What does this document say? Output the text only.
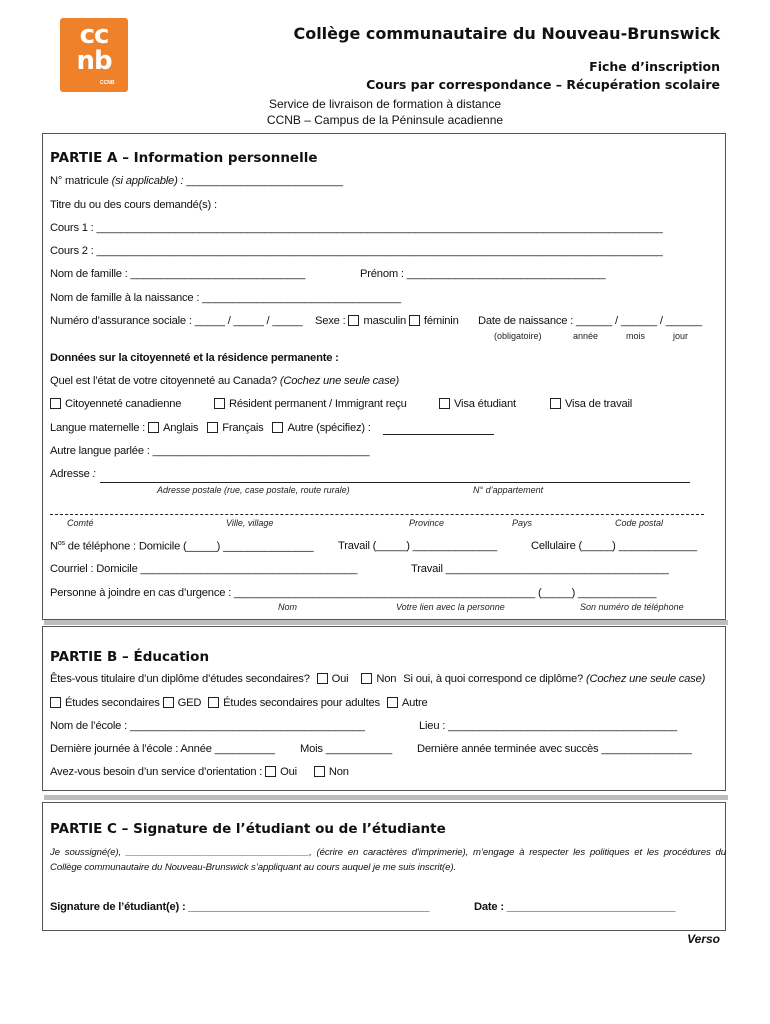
cc
nb
CCNB
Collège communautaire du Nouveau-Brunswick
Fiche d’inscription
Cours par correspondance – Récupération scolaire
Service de livraison de formation à distance
CCNB – Campus de la Péninsule acadienne
PARTIE A – Information personnelle
N° matricule (si applicable) : __________________________
Titre du ou des cours demandé(s) :
Cours 1 : ______________________________________________________________________________________________
Cours 2 : ______________________________________________________________________________________________
Nom de famille : _____________________________	Prénom : _________________________________
Nom de famille à la naissance : _________________________________
Numéro d’assurance sociale : _____ / _____ / _____ Sexe : masculin féminin Date de naissance : ______ / ______ / ______
(obligatoire)	année	mois	jour
Données sur la citoyenneté et la résidence permanente :
Quel est l’état de votre citoyenneté au Canada? (Cochez une seule case)
Citoyenneté canadienne	Résident permanent / Immigrant reçu	Visa étudiant	Visa de travail
Langue maternelle : Anglais Français Autre (spécifiez) :
Autre langue parlée : ____________________________________
Adresse :
Adresse postale (rue, case postale, route rurale)	N° d’appartement
Comté	Ville, village	Province	Pays	Code postal
$N^{os}$ de téléphone : Domicile (_____) _______________ Travail (_____) ______________	Cellulaire (_____) _____________
Courriel : Domicile ____________________________________	Travail _____________________________________
Personne à joindre en cas d’urgence : __________________________________________________ (_____) _____________
Nom	Votre lien avec la personne	Son numéro de téléphone
PARTIE B – Éducation
Êtes-vous titulaire d’un diplôme d’études secondaires? Oui Non Si oui, à quoi correspond ce diplôme? (Cochez une seule case)
Études secondaires GED Études secondaires pour adultes Autre
Nom de l’école : _______________________________________	Lieu : ______________________________________
Dernière journée à l’école : Année __________ Mois ___________ Dernière année terminée avec succès _______________
Avez-vous besoin d’un service d’orientation : Oui	Non
PARTIE C – Signature de l’étudiant ou de l’étudiante
Je soussigné(e), ___________________________________, (écrire en caractères d'imprimerie), m’engage à respecter les politiques et les procédures du Collège communautaire du Nouveau-Brunswick s’appliquant au cours auquel je me suis inscrit(e).
Signature de l’étudiant(e) : ________________________________________	Date : ____________________________
Verso
